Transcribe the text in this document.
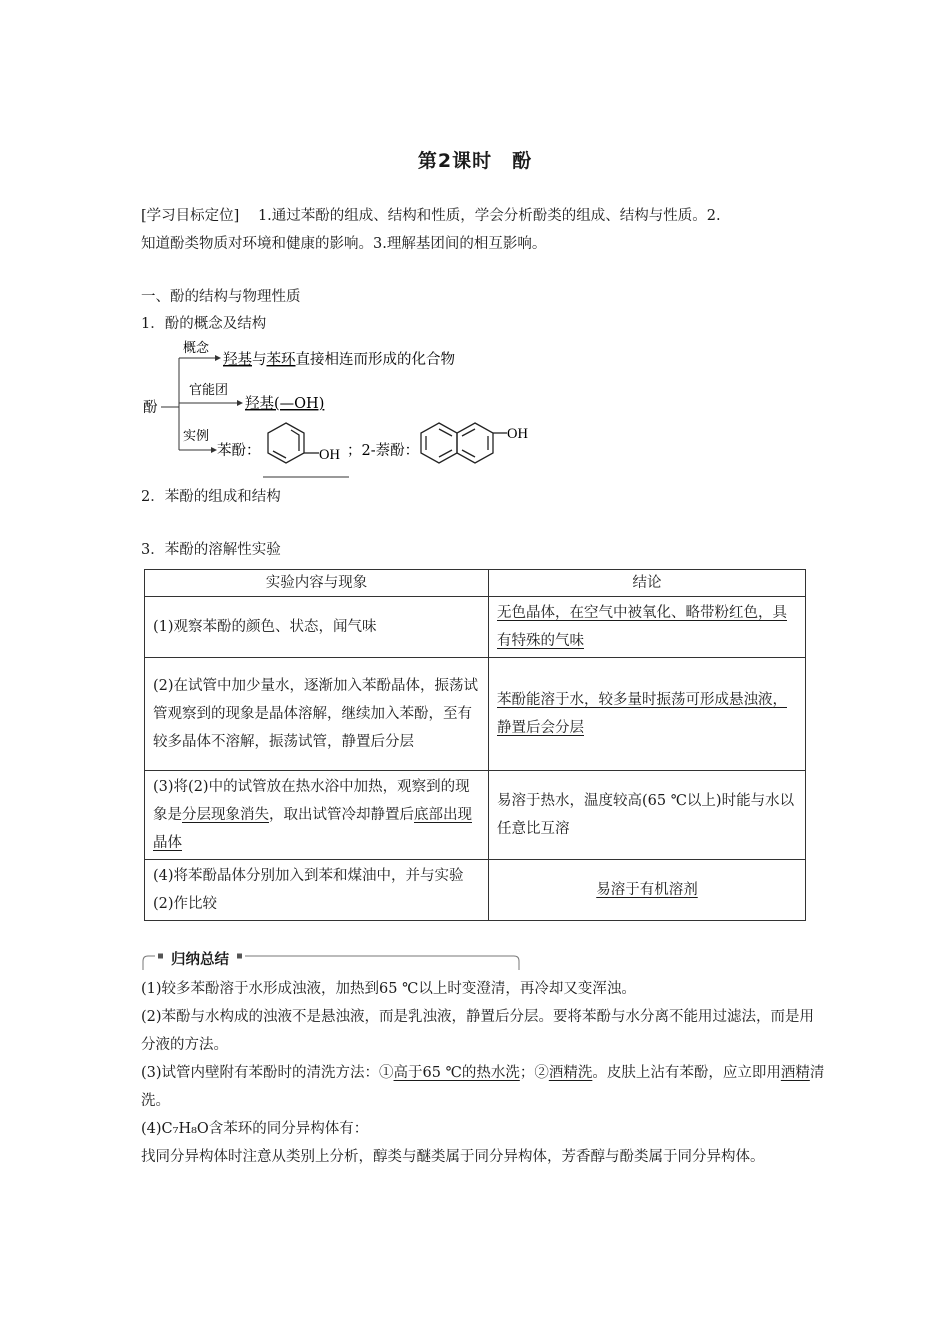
第2课时　酚
[学习目标定位] 1.通过苯酚的组成、结构和性质，学会分析酚类的组成、结构与性质。2.
知道酚类物质对环境和健康的影响。3.理解基团间的相互影响。
一、酚的结构与物理性质
1．酚的概念及结构
酚
概念
羟基与苯环直接相连而形成的化合物
官能团
羟基(—OH)
实例
苯酚：	OH ；2-萘酚：
OH
2．苯酚的组成和结构
3．苯酚的溶解性实验
实验内容与现象	结论
(1)观察苯酚的颜色、状态，闻气味	无色晶体，在空气中被氧化、略带粉红色，具有特殊的气味
(2)在试管中加少量水，逐渐加入苯酚晶体，振荡试管观察到的现象是晶体溶解，继续加入苯酚，至有较多晶体不溶解，振荡试管，静置后分层	苯酚能溶于水，较多量时振荡可形成悬浊液，静置后会分层
(3)将(2)中的试管放在热水浴中加热，观察到的现象是分层现象消失，取出试管冷却静置后底部出现晶体	易溶于热水，温度较高(65 ℃以上)时能与水以任意比互溶
(4)将苯酚晶体分别加入到苯和煤油中，并与实验(2)作比较	易溶于有机溶剂
归纳总结
(1)较多苯酚溶于水形成浊液，加热到65 ℃以上时变澄清，再冷却又变浑浊。
(2)苯酚与水构成的浊液不是悬浊液，而是乳浊液，静置后分层。要将苯酚与水分离不能用过滤法，而是用分液的方法。
(3)试管内壁附有苯酚时的清洗方法：①高于65 ℃的热水洗；②酒精洗。皮肤上沾有苯酚，应立即用酒精清洗。
(4)C₇H₈O含苯环的同分异构体有：
找同分异构体时注意从类别上分析，醇类与醚类属于同分异构体，芳香醇与酚类属于同分异构体。
